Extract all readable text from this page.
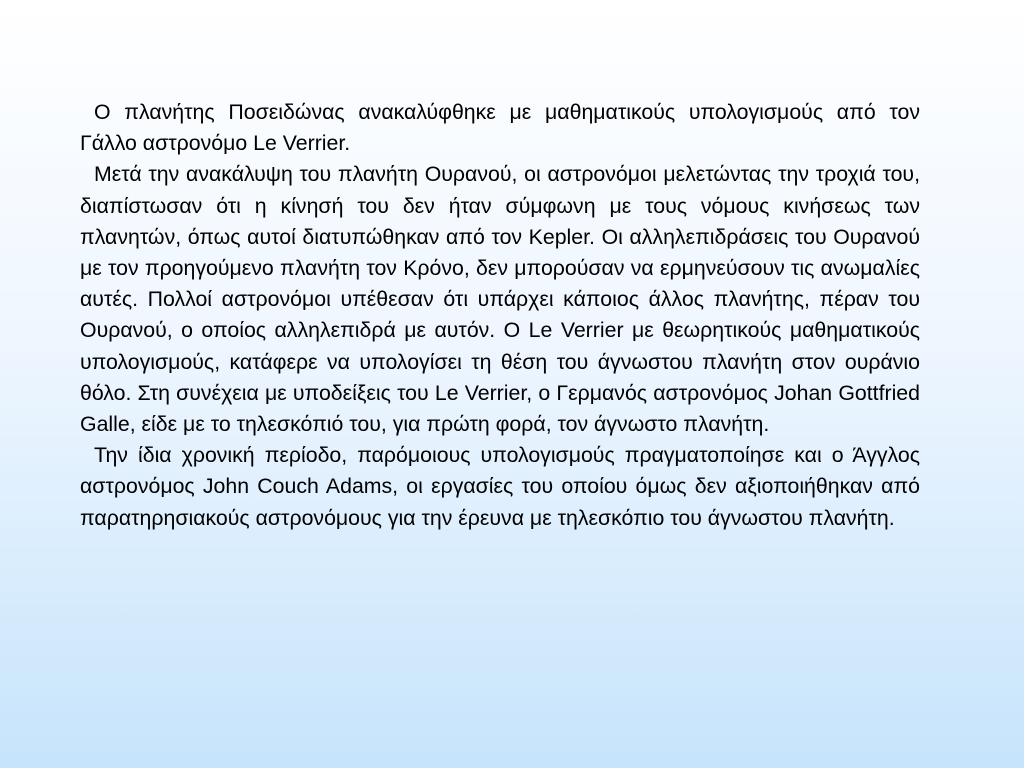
Ο πλανήτης Ποσειδώνας ανακαλύφθηκε με μαθηματικούς υπολογισμούς από τον Γάλλο αστρονόμο Le Verrier.

Μετά την ανακάλυψη του πλανήτη Ουρανού, οι αστρονόμοι μελετώντας την τροχιά του, διαπίστωσαν ότι η κίνησή του δεν ήταν σύμφωνη με τους νόμους κινήσεως των πλανητών, όπως αυτοί διατυπώθηκαν από τον Kepler. Οι αλληλεπιδράσεις του Ουρανού με τον προηγούμενο πλανήτη τον Κρόνο, δεν μπορούσαν να ερμηνεύσουν τις ανωμαλίες αυτές. Πολλοί αστρονόμοι υπέθεσαν ότι υπάρχει κάποιος άλλος πλανήτης, πέραν του Ουρανού, ο οποίος αλληλεπιδρά με αυτόν. Ο Le Verrier με θεωρητικούς μαθηματικούς υπολογισμούς, κατάφερε να υπολογίσει τη θέση του άγνωστου πλανήτη στον ουράνιο θόλο. Στη συνέχεια με υποδείξεις του Le Verrier, ο Γερμανός αστρονόμος Johan Gottfried Galle, είδε με το τηλεσκόπιό του, για πρώτη φορά, τον άγνωστο πλανήτη.

Την ίδια χρονική περίοδο, παρόμοιους υπολογισμούς πραγματοποίησε και ο Άγγλος αστρονόμος John Couch Adams, οι εργασίες του οποίου όμως δεν αξιοποιήθηκαν από παρατηρησιακούς αστρονόμους για την έρευνα με τηλεσκόπιο του άγνωστου πλανήτη.
